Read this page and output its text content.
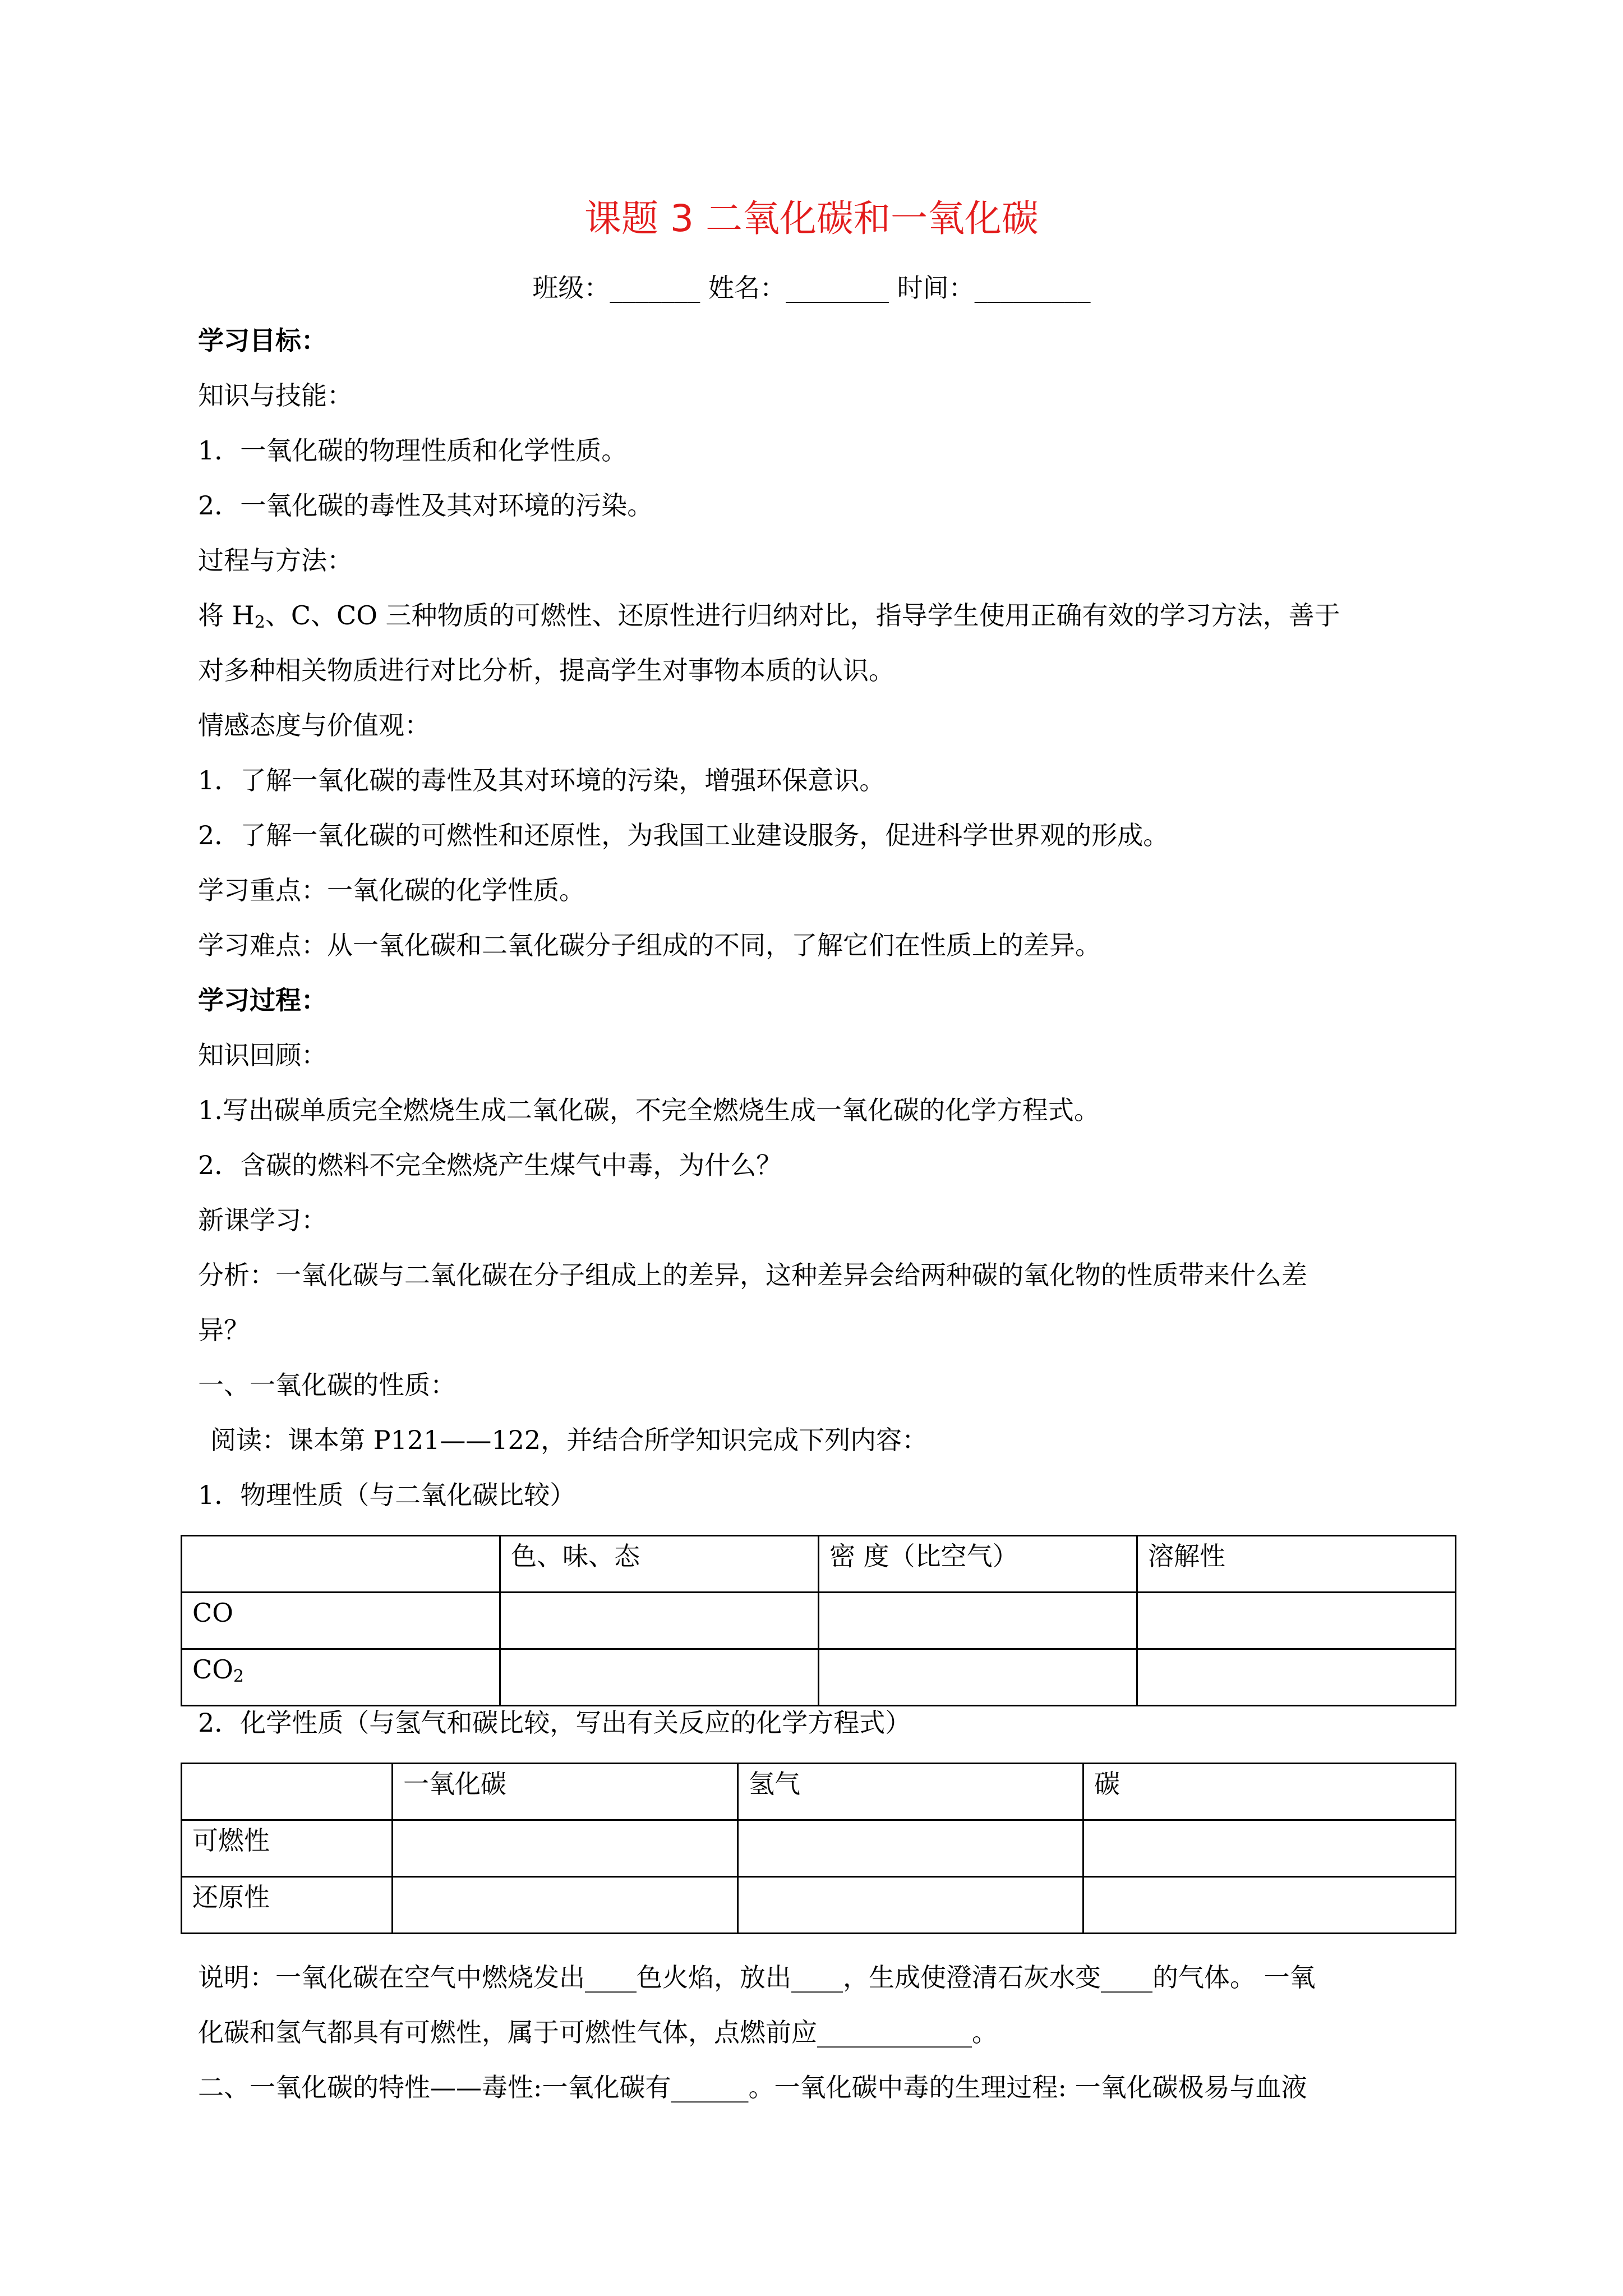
课题 3 二氧化碳和一氧化碳
班级：_______ 姓名：________ 时间：_________
学习目标：
知识与技能：
1．一氧化碳的物理性质和化学性质。
2．一氧化碳的毒性及其对环境的污染。
过程与方法：
将 $H_2$、C、CO 三种物质的可燃性、还原性进行归纳对比，指导学生使用正确有效的学习方法，善于
对多种相关物质进行对比分析，提高学生对事物本质的认识。
情感态度与价值观：
1．了解一氧化碳的毒性及其对环境的污染，增强环保意识。
2．了解一氧化碳的可燃性和还原性，为我国工业建设服务，促进科学世界观的形成。
学习重点：一氧化碳的化学性质。
学习难点：从一氧化碳和二氧化碳分子组成的不同，了解它们在性质上的差异。
学习过程：
知识回顾：
1.写出碳单质完全燃烧生成二氧化碳，不完全燃烧生成一氧化碳的化学方程式。
2．含碳的燃料不完全燃烧产生煤气中毒，为什么？
新课学习：
分析：一氧化碳与二氧化碳在分子组成上的差异，这种差异会给两种碳的氧化物的性质带来什么差
异？
一、一氧化碳的性质：
阅读：课本第 P121——122，并结合所学知识完成下列内容：
1．物理性质（与二氧化碳比较）
	色、味、态	密 度（比空气）	溶解性
CO			
$CO_2$			
2．化学性质（与氢气和碳比较，写出有关反应的化学方程式）
	一氧化碳	氢气	碳
可燃性			
还原性			
说明：一氧化碳在空气中燃烧发出____色火焰，放出____，生成使澄清石灰水变____的气体。 一氧
化碳和氢气都具有可燃性，属于可燃性气体，点燃前应____________。
二、一氧化碳的特性——毒性:一氧化碳有______。一氧化碳中毒的生理过程: 一氧化碳极易与血液
